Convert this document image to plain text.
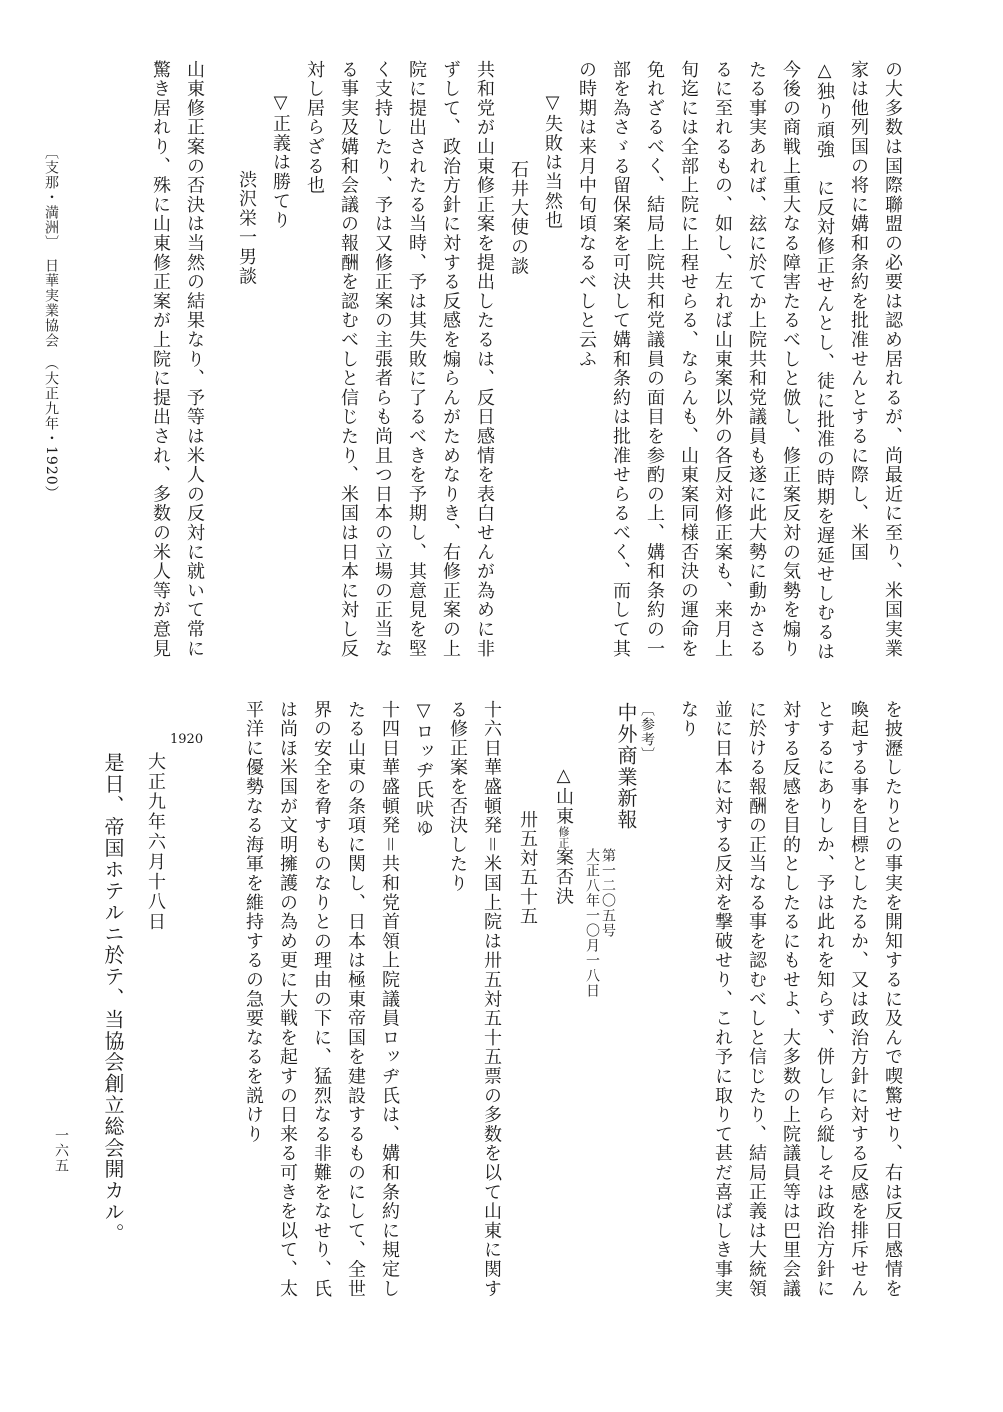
の大多数は国際聯盟の必要は認め居れるが、尚最近に至り、米国実業

家は他列国の将に媾和条約を批准せんとするに際し、米国

△独り頑強　に反対修正せんとし、徒に批准の時期を遅延せしむるは

今後の商戦上重大なる障害たるべしと倣し、修正案反対の気勢を煽り

たる事実あれば、玆に於てか上院共和党議員も遂に此大勢に動かさる

るに至れるもの、如し、左れば山東案以外の各反対修正案も、来月上

旬迄には全部上院に上程せらる、ならんも、山東案同様否決の運命を

免れざるべく、結局上院共和党議員の面目を参酌の上、媾和条約の一

部を為さゞる留保案を可決して媾和条約は批准せらるべく、而して其

の時期は来月中旬頃なるべしと云ふ

▽失敗は当然也

石井大使の談

共和党が山東修正案を提出したるは、反日感情を表白せんが為めに非

ずして、政治方針に対する反感を煽らんがためなりき、右修正案の上

院に提出されたる当時、予は其失敗に了るべきを予期し、其意見を堅

く支持したり、予は又修正案の主張者らも尚且つ日本の立場の正当な

る事実及媾和会議の報酬を認むべしと信じたり、米国は日本に対し反

対し居らざる也

▽正義は勝てり

渋沢栄一男談

山東修正案の否決は当然の結果なり、予等は米人の反対に就いて常に

驚き居れり、殊に山東修正案が上院に提出され、多数の米人等が意見

〔支那・満洲〕　日華実業協会　（大正九年・1920）

を披瀝したりとの事実を開知するに及んで喫驚せり、右は反日感情を

喚起する事を目標としたるか、又は政治方針に対する反感を排斥せん

とするにありしか、予は此れを知らず、併し乍ら縦しそは政治方針に

対する反感を目的としたるにもせよ、大多数の上院議員等は巴里会議

に於ける報酬の正当なる事を認むべしと信じたり、結局正義は大統領

並に日本に対する反対を撃破せり、これ予に取りて甚だ喜ばしき事実

なり

〔参考〕

中外商業新報

第一二〇五号

大正八年一〇月一八日

△山東修正案否決

卅五対五十五

十六日華盛頓発＝米国上院は卅五対五十五票の多数を以て山東に関す

る修正案を否決したり

▽ロッヂ氏吠ゆ

十四日華盛頓発＝共和党首領上院議員ロッヂ氏は、媾和条約に規定し

たる山東の条項に関し、日本は極東帝国を建設するものにして、全世

界の安全を脅すものなりとの理由の下に、猛烈なる非難をなせり、氏

は尚ほ米国が文明擁護の為め更に大戦を起すの日来る可きを以て、太

平洋に優勢なる海軍を維持するの急要なるを説けり

1920

大正九年六月十八日

是日、帝国ホテルニ於テ、当協会創立総会開カル。

一六五
